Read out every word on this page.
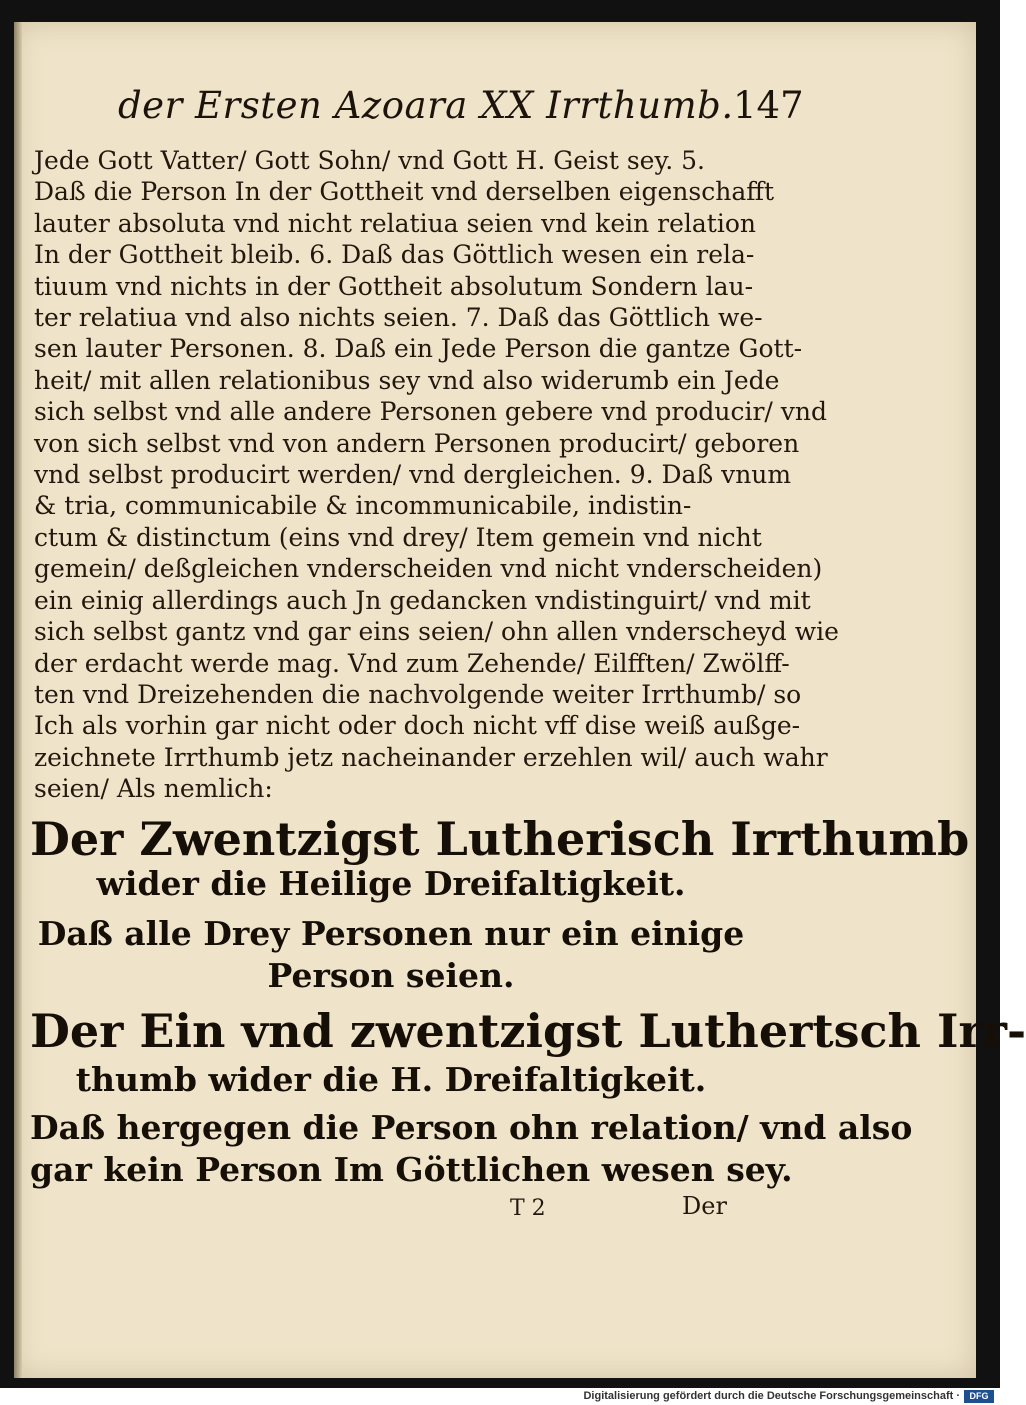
der Ersten Azoara XX Irrthumb. 147
Jede Gott Vatter/ Gott Sohn/ vnd Gott H. Geist sey. 5.
Daß die Person In der Gottheit vnd derselben eigenschafft
lauter absoluta vnd nicht relatiua seien vnd kein relation
In der Gottheit bleib. 6. Daß das Göttlich wesen ein rela-
tiuum vnd nichts in der Gottheit absolutum Sondern lau-
ter relatiua vnd also nichts seien. 7. Daß das Göttlich we-
sen lauter Personen. 8. Daß ein Jede Person die gantze Gott-
heit/ mit allen relationibus sey vnd also widerumb ein Jede
sich selbst vnd alle andere Personen gebere vnd producir/ vnd
von sich selbst vnd von andern Personen producirt/ geboren
vnd selbst producirt werden/ vnd dergleichen. 9. Daß vnum
& tria, communicabile & incommunicabile, indistin-
ctum & distinctum (eins vnd drey/ Item gemein vnd nicht
gemein/ deßgleichen vnderscheiden vnd nicht vnderscheiden)
ein einig allerdings auch Jn gedancken vndistinguirt/ vnd mit
sich selbst gantz vnd gar eins seien/ ohn allen vnderscheyd wie
der erdacht werde mag. Vnd zum Zehende/ Eilfften/ Zwölff-
ten vnd Dreizehenden die nachvolgende weiter Irrthumb/ so
Ich als vorhin gar nicht oder doch nicht vff dise weiß außge-
zeichnete Irrthumb jetz nacheinander erzehlen wil/ auch wahr
seien/ Als nemlich:
Der Zwentzigst Lutherisch Irrthumb
wider die Heilige Dreifaltigkeit.
Daß alle Drey Personen nur ein einige
Person seien.
Der Ein vnd zwentzigst Luthertsch Irr-
thumb wider die H. Dreifaltigkeit.
Daß hergegen die Person ohn relation/ vnd also
gar kein Person Im Göttlichen wesen sey.
T 2	Der
Digitalisierung gefördert durch die Deutsche Forschungsgemeinschaft ·	DFG
